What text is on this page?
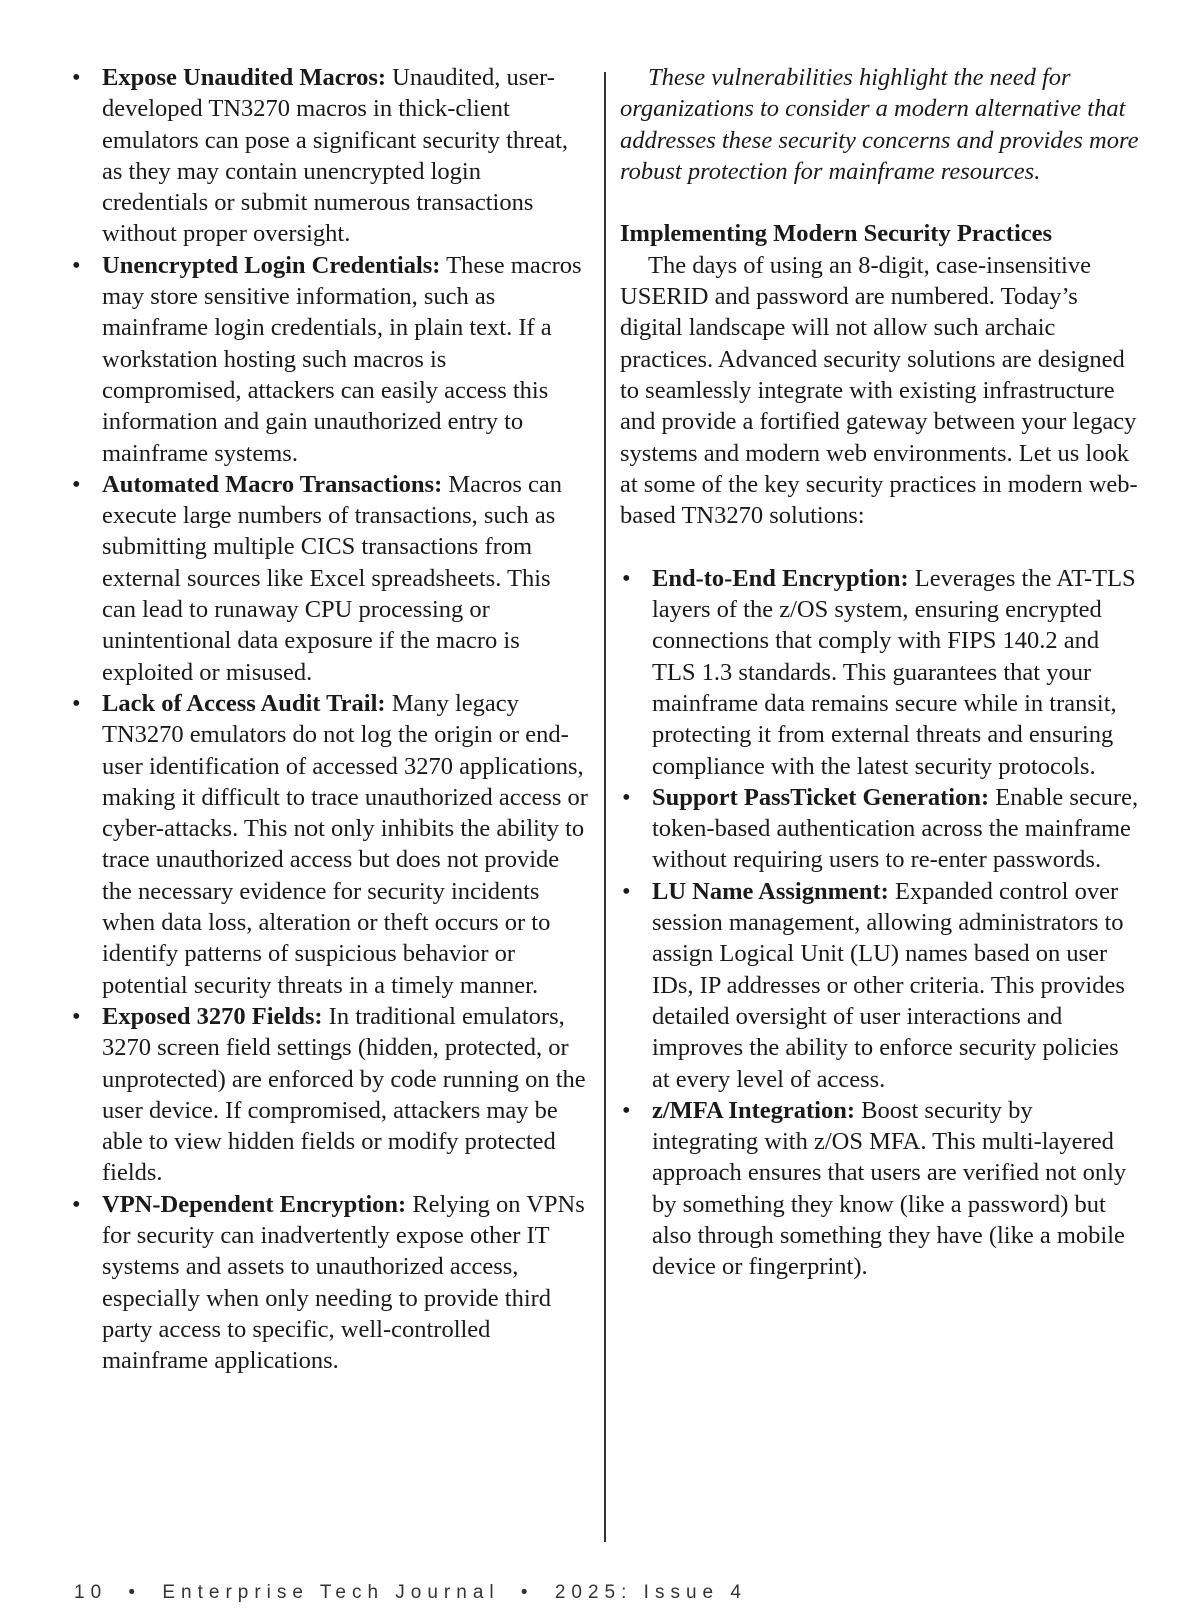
• Expose Unaudited Macros: Unaudited, user-developed TN3270 macros in thick-client emulators can pose a significant security threat, as they may contain unencrypted login credentials or submit numerous transactions without proper oversight.
• Unencrypted Login Credentials: These macros may store sensitive information, such as mainframe login credentials, in plain text. If a workstation hosting such macros is compromised, attackers can easily access this information and gain unauthorized entry to mainframe systems.
• Automated Macro Transactions: Macros can execute large numbers of transactions, such as submitting multiple CICS transactions from external sources like Excel spreadsheets. This can lead to runaway CPU processing or unintentional data exposure if the macro is exploited or misused.
• Lack of Access Audit Trail: Many legacy TN3270 emulators do not log the origin or end-user identification of accessed 3270 applications, making it difficult to trace unauthorized access or cyber-attacks. This not only inhibits the ability to trace unauthorized access but does not provide the necessary evidence for security incidents when data loss, alteration or theft occurs or to identify patterns of suspicious behavior or potential security threats in a timely manner.
• Exposed 3270 Fields: In traditional emulators, 3270 screen field settings (hidden, protected, or unprotected) are enforced by code running on the user device. If compromised, attackers may be able to view hidden fields or modify protected fields.
• VPN-Dependent Encryption: Relying on VPNs for security can inadvertently expose other IT systems and assets to unauthorized access, especially when only needing to provide third party access to specific, well-controlled mainframe applications.

These vulnerabilities highlight the need for organizations to consider a modern alternative that addresses these security concerns and provides more robust protection for mainframe resources.

Implementing Modern Security Practices

The days of using an 8-digit, case-insensitive USERID and password are numbered. Today’s digital landscape will not allow such archaic practices. Advanced security solutions are designed to seamlessly integrate with existing infrastructure and provide a fortified gateway between your legacy systems and modern web environments. Let us look at some of the key security practices in modern web-based TN3270 solutions:

• End-to-End Encryption: Leverages the AT-TLS layers of the z/OS system, ensuring encrypted connections that comply with FIPS 140.2 and TLS 1.3 standards. This guarantees that your mainframe data remains secure while in transit, protecting it from external threats and ensuring compliance with the latest security protocols.
• Support PassTicket Generation: Enable secure, token-based authentication across the mainframe without requiring users to re-enter passwords.
• LU Name Assignment: Expanded control over session management, allowing administrators to assign Logical Unit (LU) names based on user IDs, IP addresses or other criteria. This provides detailed oversight of user interactions and improves the ability to enforce security policies at every level of access.
• z/MFA Integration: Boost security by integrating with z/OS MFA. This multi-layered approach ensures that users are verified not only by something they know (like a password) but also through something they have (like a mobile device or fingerprint).
10 • Enterprise Tech Journal • 2025: Issue 4
